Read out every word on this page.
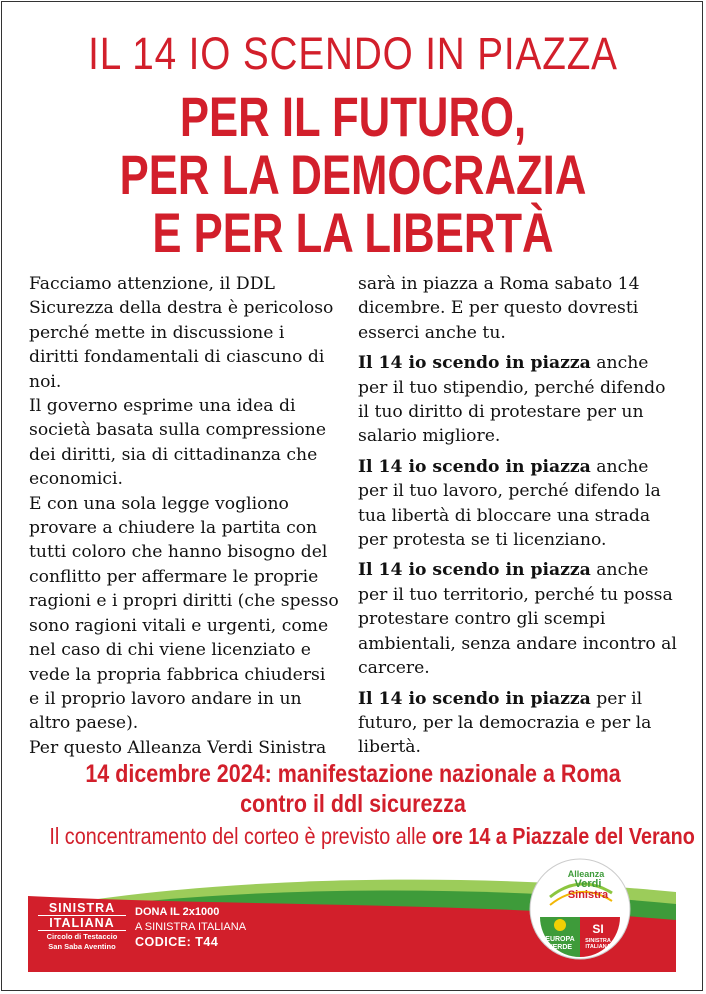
IL 14 IO SCENDO IN PIAZZA
PER IL FUTURO,
PER LA DEMOCRAZIA
E PER LA LIBERTÀ

Facciamo attenzione, il DDL Sicurezza della destra è pericoloso perché mette in discussione i diritti fondamentali di ciascuno di noi.

Il governo esprime una idea di società basata sulla compressione dei diritti, sia di cittadinanza che economici.

E con una sola legge vogliono provare a chiudere la partita con tutti coloro che hanno bisogno del conflitto per affermare le proprie ragioni e i propri diritti (che spesso sono ragioni vitali e urgenti, come nel caso di chi viene licenziato e vede la propria fabbrica chiudersi e il proprio lavoro andare in un altro paese).

Per questo Alleanza Verdi Sinistra

sarà in piazza a Roma sabato 14 dicembre. E per questo dovresti esserci anche tu.

Il 14 io scendo in piazza anche per il tuo stipendio, perché difendo il tuo diritto di protestare per un salario migliore.

Il 14 io scendo in piazza anche per il tuo lavoro, perché difendo la tua libertà di bloccare una strada per protesta se ti licenziano.

Il 14 io scendo in piazza anche per il tuo territorio, perché tu possa protestare contro gli scempi ambientali, senza andare incontro al carcere.

Il 14 io scendo in piazza per il futuro, per la democrazia e per la libertà.

14 dicembre 2024: manifestazione nazionale a Roma
contro il ddl sicurezza
Il concentramento del corteo è previsto alle ore 14 a Piazzale del Verano
SINISTRA
ITALIANA
Circolo di Testaccio
San Saba Aventino
DONA IL 2x1000
A SINISTRA ITALIANA
CODICE: T44
Alleanza
Verdi
Sinistra
EUROPA
VERDE
SI
SINISTRA
ITALIANA
